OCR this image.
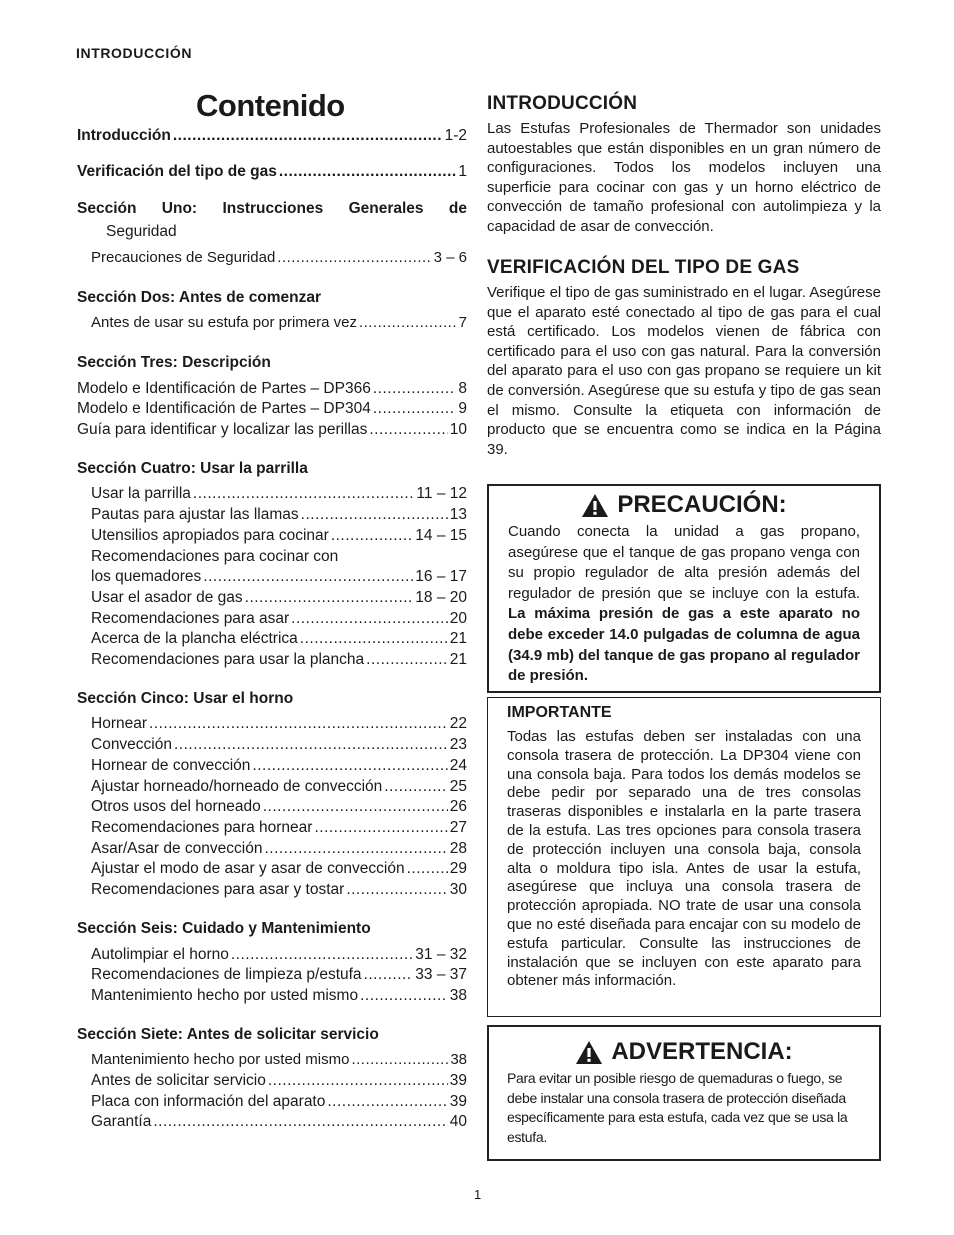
INTRODUCCIÓN
Contenido
Introducción .....	1-2
Verificación del tipo de gas .....	1
Sección Uno: Instrucciones Generales de
Seguridad
Precauciones de Seguridad .....	3 – 6
Sección Dos: Antes de comenzar
Antes de usar su estufa por primera vez .....	7
Sección Tres: Descripción
Modelo e Identificación de Partes – DP366 .....	8
Modelo e Identificación de Partes – DP304 .....	9
Guía para identificar y localizar las perillas .....	10
Sección Cuatro: Usar la parrilla
Usar la parrilla .....	11 – 12
Pautas para ajustar las llamas .....	13
Utensilios apropiados para cocinar .....	14 – 15
Recomendaciones para cocinar con
los quemadores .....	16 – 17
Usar el asador de gas .....	18 – 20
Recomendaciones para asar .....	20
Acerca de la plancha eléctrica .....	21
Recomendaciones para usar la plancha .....	21
Sección Cinco: Usar el horno
Hornear .....	22
Convección .....	23
Hornear de convección .....	24
Ajustar horneado/horneado de convección .....	25
Otros usos del horneado .....	26
Recomendaciones para hornear .....	27
Asar/Asar de convección .....	28
Ajustar el modo de asar y asar de convección .....	29
Recomendaciones para asar y tostar .....	30
Sección Seis: Cuidado y Mantenimiento
Autolimpiar el horno .....	31 – 32
Recomendaciones de limpieza p/estufa .....	33 – 37
Mantenimiento hecho por usted mismo .....	38
Sección Siete: Antes de solicitar servicio
Mantenimiento hecho por usted mismo .....	38
Antes de solicitar servicio .....	39
Placa con información del aparato .....	39
Garantía .....	40
INTRODUCCIÓN
Las Estufas Profesionales de Thermador son unidades autoestables que están disponibles en un gran número de configuraciones. Todos los modelos incluyen una superficie para cocinar con gas y un horno eléctrico de convección de tamaño profesional con autolimpieza y la capacidad de asar de convección.
VERIFICACIÓN DEL TIPO DE GAS
Verifique el tipo de gas suministrado en el lugar. Asegúrese que el aparato esté conectado al tipo de gas para el cual está certificado. Los modelos vienen de fábrica con certificado para el uso con gas natural. Para la conversión del aparato para el uso con gas propano se requiere un kit de conversión. Asegúrese que su estufa y tipo de gas sean el mismo. Consulte la etiqueta con información de producto que se encuentra como se indica en la Página 39.
PRECAUCIÓN:
Cuando conecta la unidad a gas propano, asegúrese que el tanque de gas propano venga con su propio regulador de alta presión además del regulador de presión que se incluye con la estufa. La máxima presión de gas a este aparato no debe exceder 14.0 pulgadas de columna de agua (34.9 mb) del tanque de gas propano al regulador de presión.
IMPORTANTE
Todas las estufas deben ser instaladas con una consola trasera de protección. La DP304 viene con una consola baja. Para todos los demás modelos se debe pedir por separado una de tres consolas traseras disponibles e instalarla en la parte trasera de la estufa. Las tres opciones para consola trasera de protección incluyen una consola baja, consola alta o moldura tipo isla. Antes de usar la estufa, asegúrese que incluya una consola trasera de protección apropiada. NO trate de usar una consola que no esté diseñada para encajar con su modelo de estufa particular. Consulte las instrucciones de instalación que se incluyen con este aparato para obtener más información.
ADVERTENCIA:
Para evitar un posible riesgo de quemaduras o fuego, se debe instalar una consola trasera de protección diseñada específicamente para esta estufa, cada vez que se usa la estufa.
1
